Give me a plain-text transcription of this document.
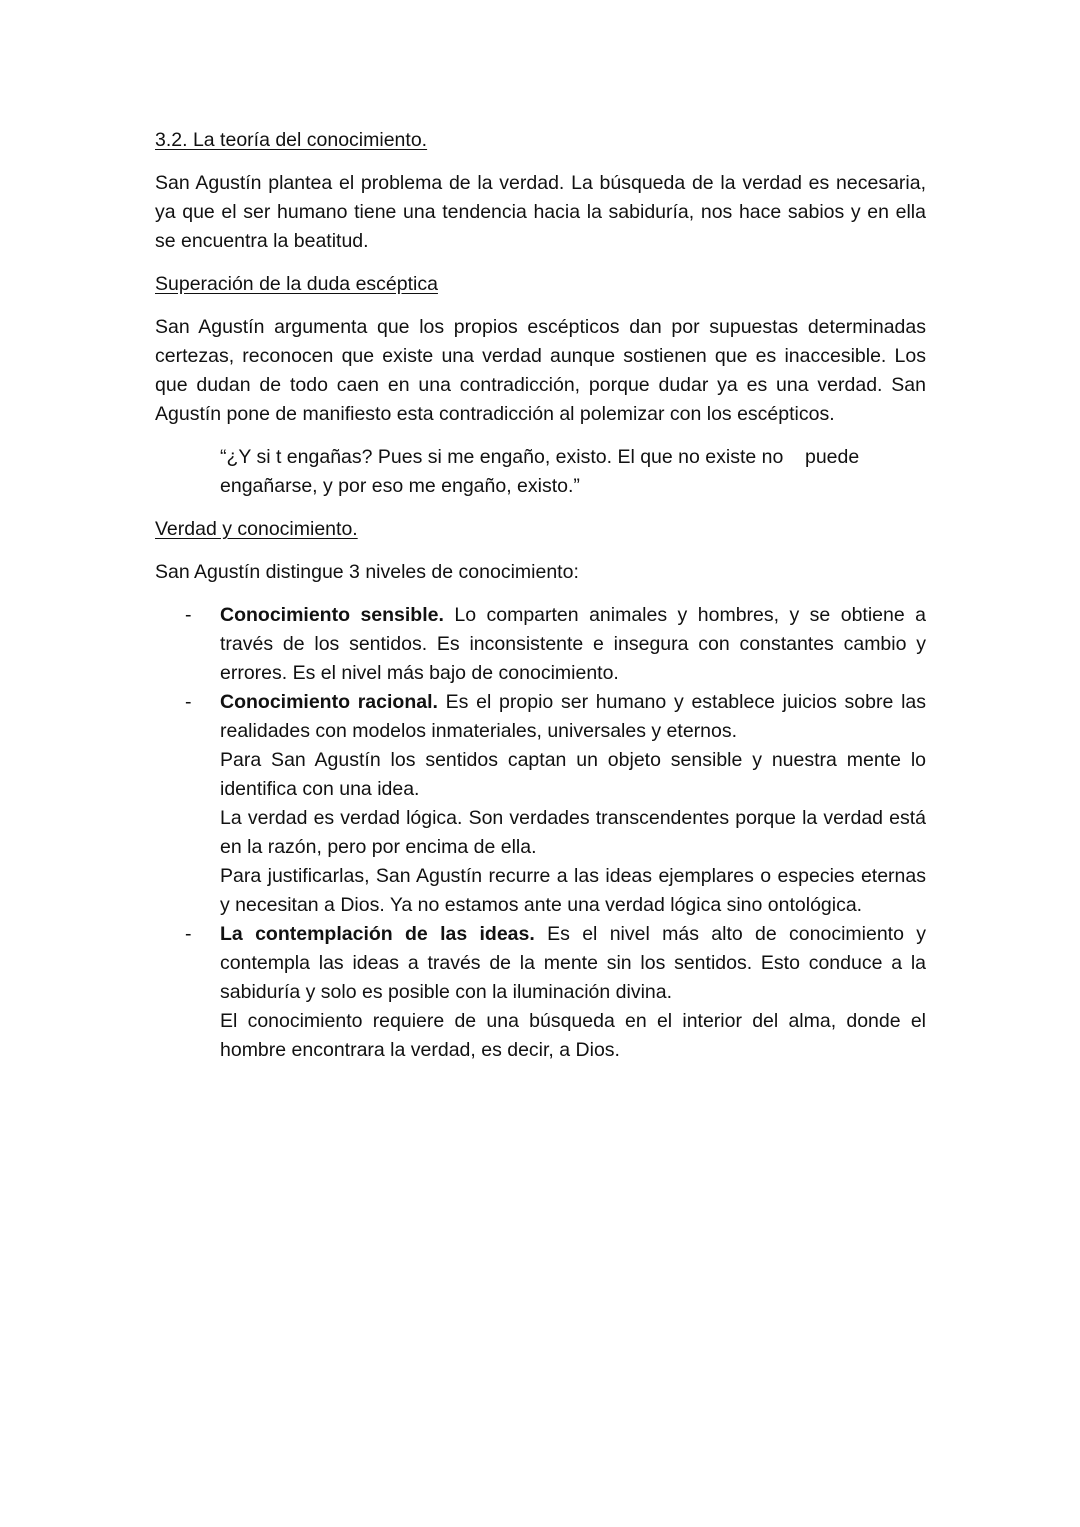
3.2. La teoría del conocimiento.

San Agustín plantea el problema de la verdad. La búsqueda de la verdad es necesaria, ya que el ser humano tiene una tendencia hacia la sabiduría, nos hace sabios y en ella se encuentra la beatitud.

Superación de la duda escéptica

San Agustín argumenta que los propios escépticos dan por supuestas determinadas certezas, reconocen que existe una verdad aunque sostienen que es inaccesible. Los que dudan de todo caen en una contradicción, porque dudar ya es una verdad. San Agustín pone de manifiesto esta contradicción al polemizar con los escépticos.

“¿Y si t engañas? Pues si me engaño, existo. El que no existe no    puede engañarse, y por eso me engaño, existo.”

Verdad y conocimiento.

San Agustín distingue 3 niveles de conocimiento:

- Conocimiento sensible. Lo comparten animales y hombres, y se obtiene a través de los sentidos. Es inconsistente e insegura con constantes cambio y errores. Es el nivel más bajo de conocimiento.

- Conocimiento racional. Es el propio ser humano y establece juicios sobre las realidades con modelos inmateriales, universales y eternos.

Para San Agustín los sentidos captan un objeto sensible y nuestra mente lo identifica con una idea.

La verdad es verdad lógica. Son verdades transcendentes porque la verdad está en la razón, pero por encima de ella.

Para justificarlas, San Agustín recurre a las ideas ejemplares o especies eternas y necesitan a Dios. Ya no estamos ante una verdad lógica sino ontológica.

- La contemplación de las ideas. Es el nivel más alto de conocimiento y contempla las ideas a través de la mente sin los sentidos. Esto conduce a la sabiduría y solo es posible con la iluminación divina.

El conocimiento requiere de una búsqueda en el interior del alma, donde el hombre encontrara la verdad, es decir, a Dios.
